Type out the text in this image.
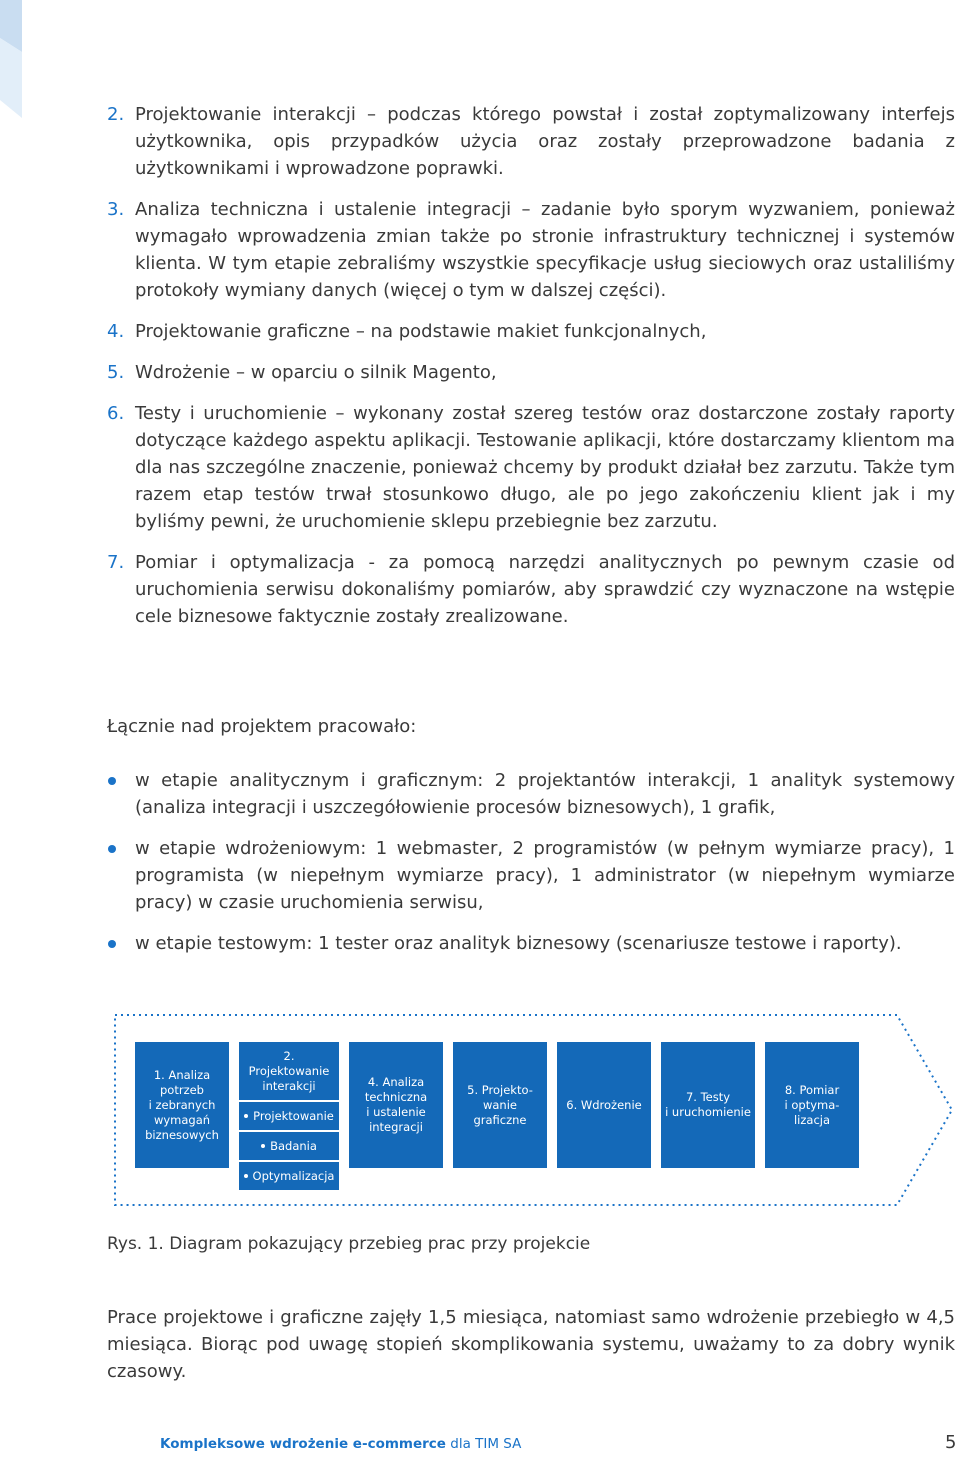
2. Projektowanie interakcji – podczas którego powstał i został zoptymalizowany interfejs użytkownika, opis przypadków użycia oraz zostały przeprowadzone badania z użytkownikami i wprowadzone poprawki.
3. Analiza techniczna i ustalenie integracji – zadanie było sporym wyzwaniem, ponieważ wymagało wprowadzenia zmian także po stronie infrastruktury technicznej i systemów klienta. W tym etapie zebraliśmy wszystkie specyfikacje usług sieciowych oraz ustaliliśmy protokoły wymiany danych (więcej o tym w dalszej części).
4. Projektowanie graficzne – na podstawie makiet funkcjonalnych,
5. Wdrożenie – w oparciu o silnik Magento,
6. Testy i uruchomienie – wykonany został szereg testów oraz dostarczone zostały raporty dotyczące każdego aspektu aplikacji. Testowanie aplikacji, które dostarczamy klientom ma dla nas szczególne znaczenie, ponieważ chcemy by produkt działał bez zarzutu. Także tym razem etap testów trwał stosunkowo długo, ale po jego zakończeniu klient jak i my byliśmy pewni, że uruchomienie sklepu przebiegnie bez zarzutu.
7. Pomiar i optymalizacja - za pomocą narzędzi analitycznych po pewnym czasie od uruchomienia serwisu dokonaliśmy pomiarów, aby sprawdzić czy wyznaczone na wstępie cele biznesowe faktycznie zostały zrealizowane.
Łącznie nad projektem pracowało:
w etapie analitycznym i graficznym: 2 projektantów interakcji, 1 analityk systemowy (analiza integracji i uszczegółowienie procesów biznesowych), 1 grafik,
w etapie wdrożeniowym: 1 webmaster, 2 programistów (w pełnym wymiarze pracy), 1 programista (w niepełnym wymiarze pracy), 1 administrator (w niepełnym wymiarze pracy) w czasie uruchomienia serwisu,
w etapie testowym: 1 tester oraz analityk biznesowy (scenariusze testowe i raporty).
1. Analiza
potrzeb
i zebranych
wymagań
biznesowych
2. Projektowanie
interakcji
Projektowanie
Badania
Optymalizacja
4. Analiza
techniczna
i ustalenie
integracji
5. Projekto-
wanie
graficzne
6. Wdrożenie
7. Testy
i uruchomienie
8. Pomiar
i optyma-
lizacja

Rys. 1. Diagram pokazujący przebieg prac przy projekcie

Prace projektowe i graficzne zajęły 1,5 miesiąca, natomiast samo wdrożenie przebiegło w 4,5 miesiąca. Biorąc pod uwagę stopień skomplikowania systemu, uważamy to za dobry wynik czasowy.

Kompleksowe wdrożenie e-commerce dla TIM SA	5
